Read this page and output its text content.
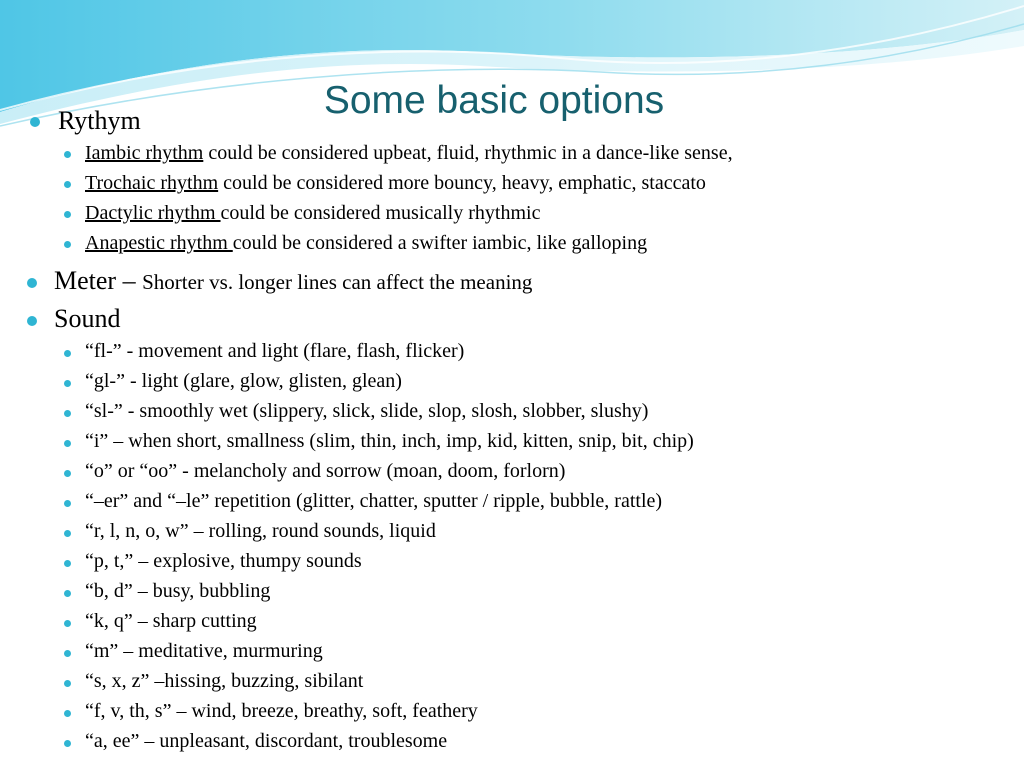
Some basic options
Rythym
Iambic rhythm could be considered upbeat, fluid, rhythmic in a dance-like sense,
Trochaic rhythm could be considered more bouncy, heavy, emphatic, staccato
Dactylic rhythm could be considered musically rhythmic
Anapestic rhythm could be considered a swifter iambic, like galloping
Meter – Shorter vs. longer lines can affect the meaning
Sound
“fl-” - movement and light (flare, flash, flicker)
“gl-” - light (glare, glow, glisten, glean)
“sl-” - smoothly wet (slippery, slick, slide, slop, slosh, slobber, slushy)
“i” – when short, smallness (slim, thin, inch, imp, kid, kitten, snip, bit, chip)
“o” or “oo” - melancholy and sorrow (moan, doom, forlorn)
“–er” and “–le” repetition (glitter, chatter, sputter / ripple, bubble, rattle)
“r, l, n, o, w” – rolling, round sounds, liquid
“p, t,” – explosive, thumpy sounds
“b, d” – busy, bubbling
“k, q” – sharp cutting
“m” – meditative, murmuring
“s, x, z” –hissing, buzzing, sibilant
“f, v, th, s” – wind, breeze, breathy, soft, feathery
“a, ee” – unpleasant, discordant, troublesome
